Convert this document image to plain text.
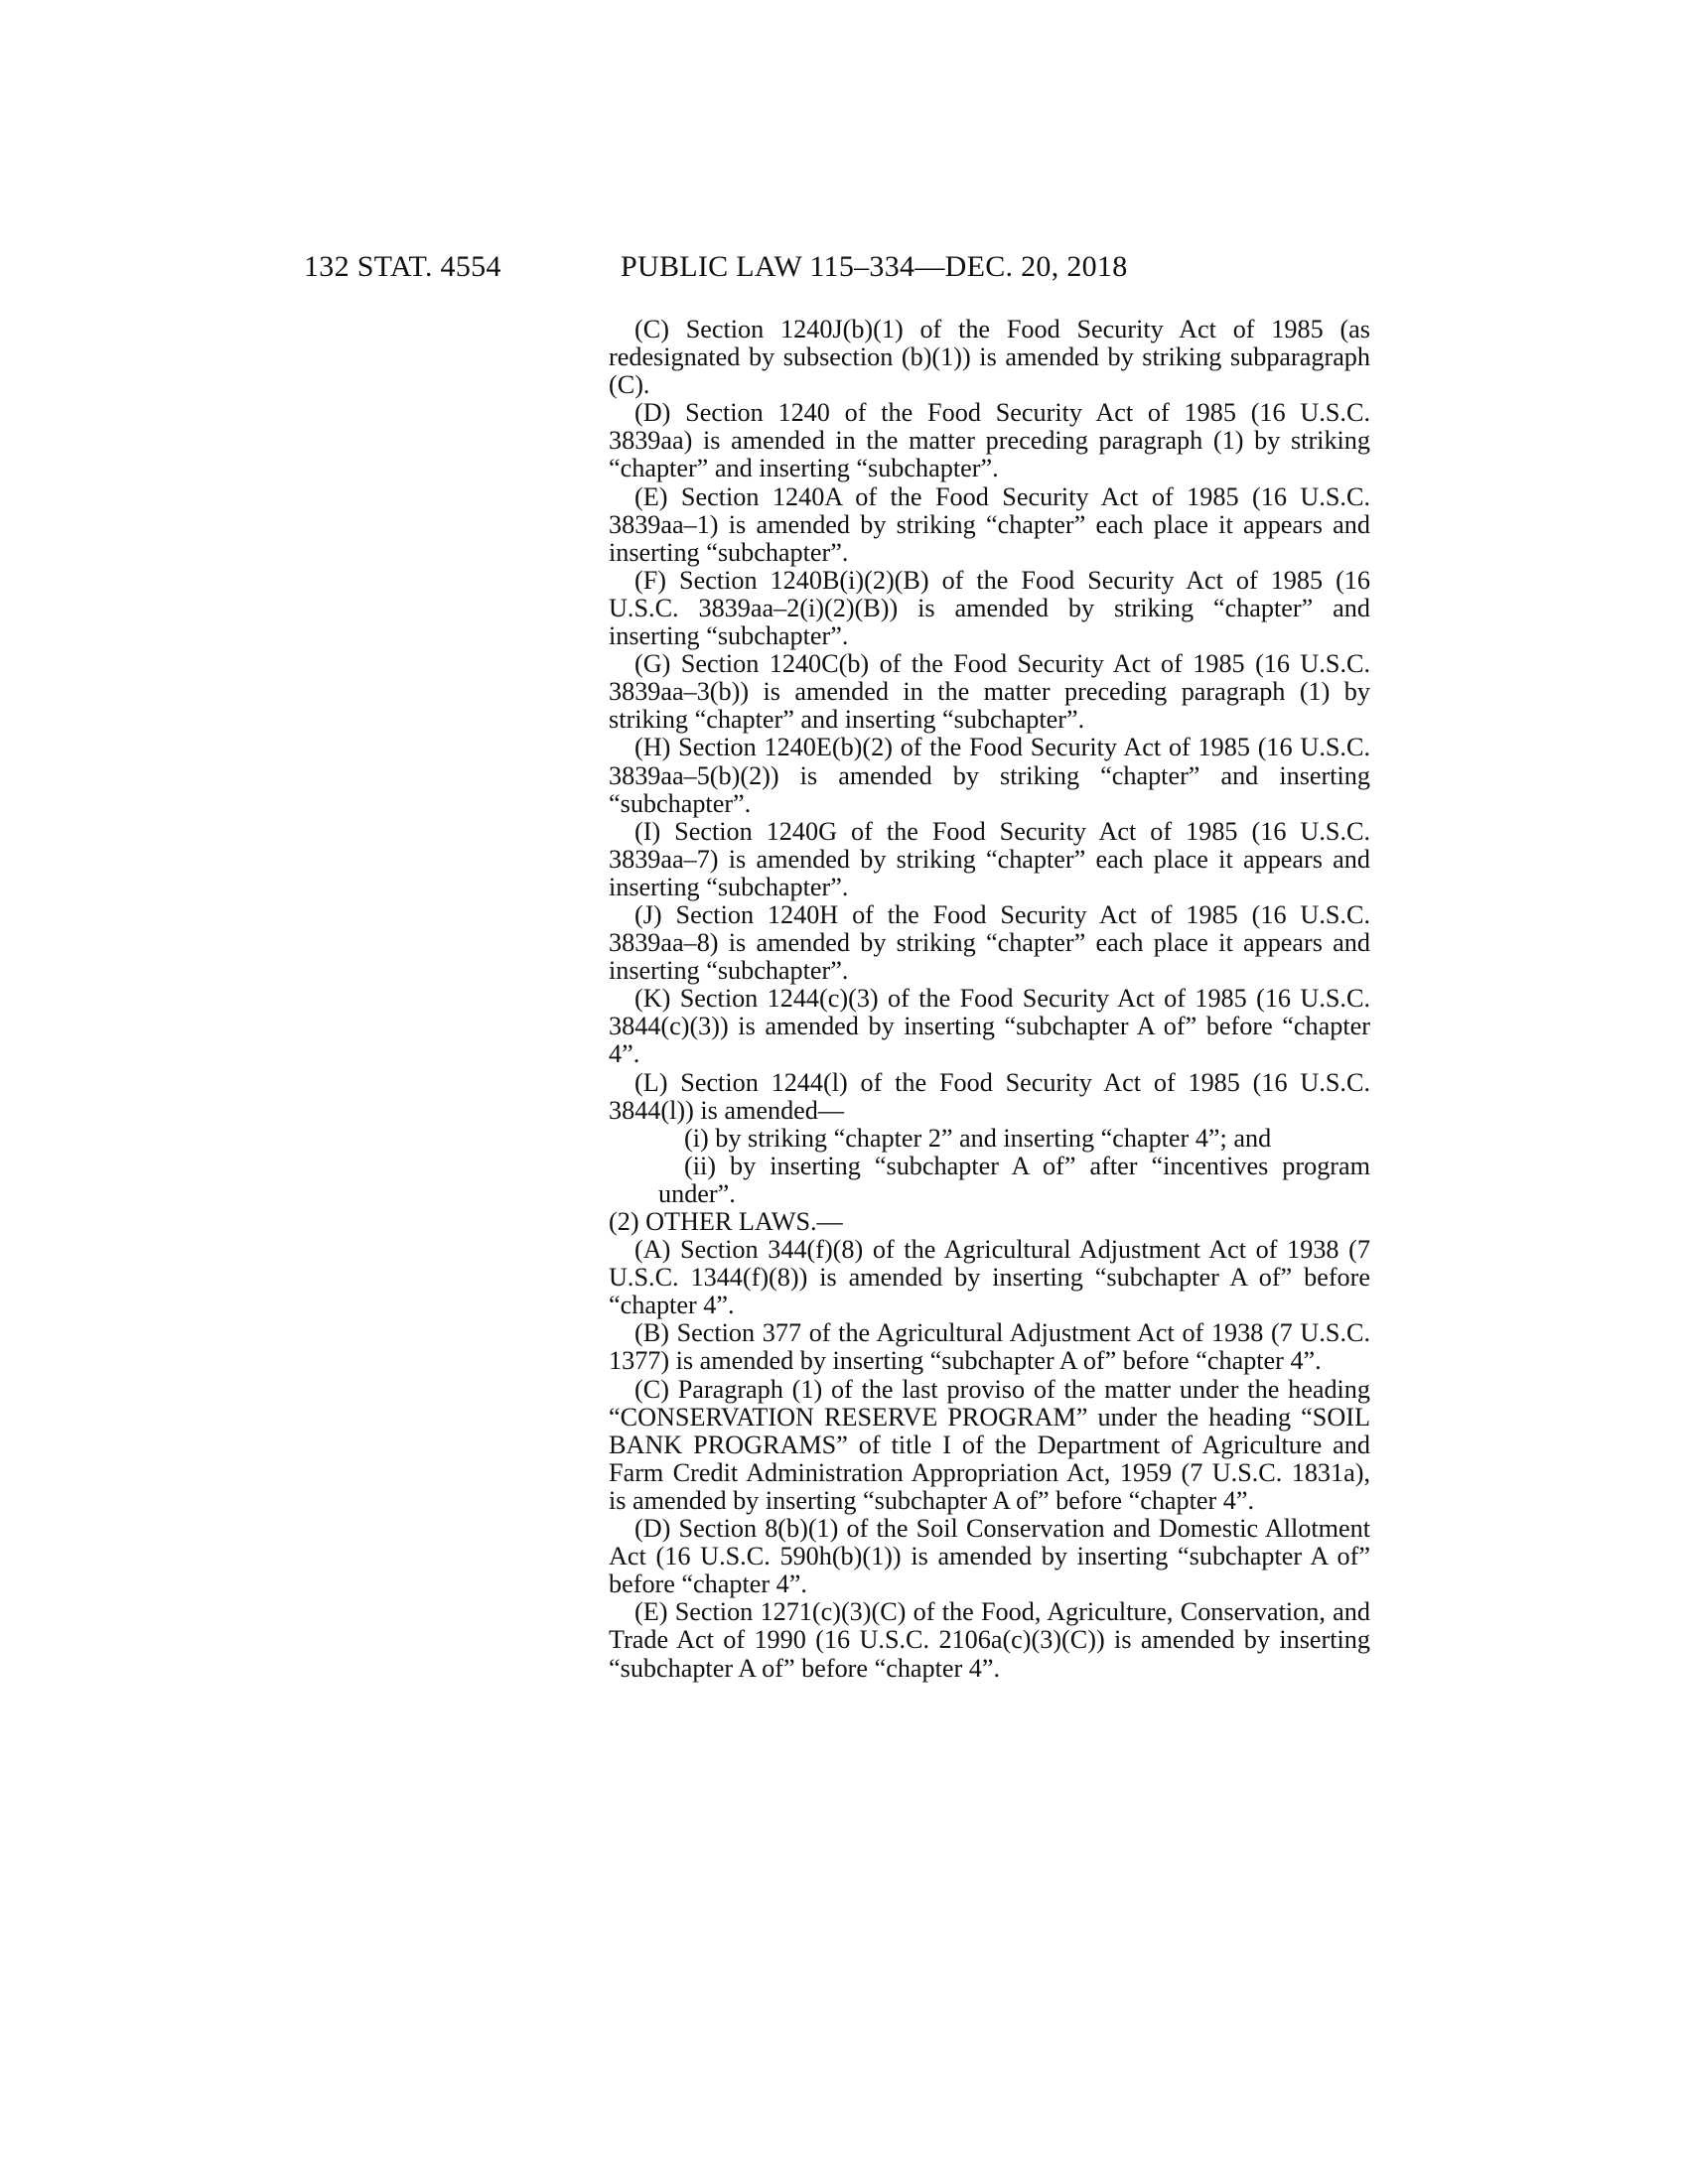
132 STAT. 4554	PUBLIC LAW 115–334—DEC. 20, 2018

(C) Section 1240J(b)(1) of the Food Security Act of 1985 (as redesignated by subsection (b)(1)) is amended by striking subparagraph (C).

(D) Section 1240 of the Food Security Act of 1985 (16 U.S.C. 3839aa) is amended in the matter preceding paragraph (1) by striking “chapter” and inserting “subchapter”.

(E) Section 1240A of the Food Security Act of 1985 (16 U.S.C. 3839aa–1) is amended by striking “chapter” each place it appears and inserting “subchapter”.

(F) Section 1240B(i)(2)(B) of the Food Security Act of 1985 (16 U.S.C. 3839aa–2(i)(2)(B)) is amended by striking “chapter” and inserting “subchapter”.

(G) Section 1240C(b) of the Food Security Act of 1985 (16 U.S.C. 3839aa–3(b)) is amended in the matter preceding paragraph (1) by striking “chapter” and inserting “subchapter”.

(H) Section 1240E(b)(2) of the Food Security Act of 1985 (16 U.S.C. 3839aa–5(b)(2)) is amended by striking “chapter” and inserting “subchapter”.

(I) Section 1240G of the Food Security Act of 1985 (16 U.S.C. 3839aa–7) is amended by striking “chapter” each place it appears and inserting “subchapter”.

(J) Section 1240H of the Food Security Act of 1985 (16 U.S.C. 3839aa–8) is amended by striking “chapter” each place it appears and inserting “subchapter”.

(K) Section 1244(c)(3) of the Food Security Act of 1985 (16 U.S.C. 3844(c)(3)) is amended by inserting “subchapter A of” before “chapter 4”.

(L) Section 1244(l) of the Food Security Act of 1985 (16 U.S.C. 3844(l)) is amended—

(i) by striking “chapter 2” and inserting “chapter 4”; and

(ii) by inserting “subchapter A of” after “incentives program under”.

(2) OTHER LAWS.—

(A) Section 344(f)(8) of the Agricultural Adjustment Act of 1938 (7 U.S.C. 1344(f)(8)) is amended by inserting “subchapter A of” before “chapter 4”.

(B) Section 377 of the Agricultural Adjustment Act of 1938 (7 U.S.C. 1377) is amended by inserting “subchapter A of” before “chapter 4”.

(C) Paragraph (1) of the last proviso of the matter under the heading “CONSERVATION RESERVE PROGRAM” under the heading “SOIL BANK PROGRAMS” of title I of the Department of Agriculture and Farm Credit Administration Appropriation Act, 1959 (7 U.S.C. 1831a), is amended by inserting “subchapter A of” before “chapter 4”.

(D) Section 8(b)(1) of the Soil Conservation and Domestic Allotment Act (16 U.S.C. 590h(b)(1)) is amended by inserting “subchapter A of” before “chapter 4”.

(E) Section 1271(c)(3)(C) of the Food, Agriculture, Conservation, and Trade Act of 1990 (16 U.S.C. 2106a(c)(3)(C)) is amended by inserting “subchapter A of” before “chapter 4”.
